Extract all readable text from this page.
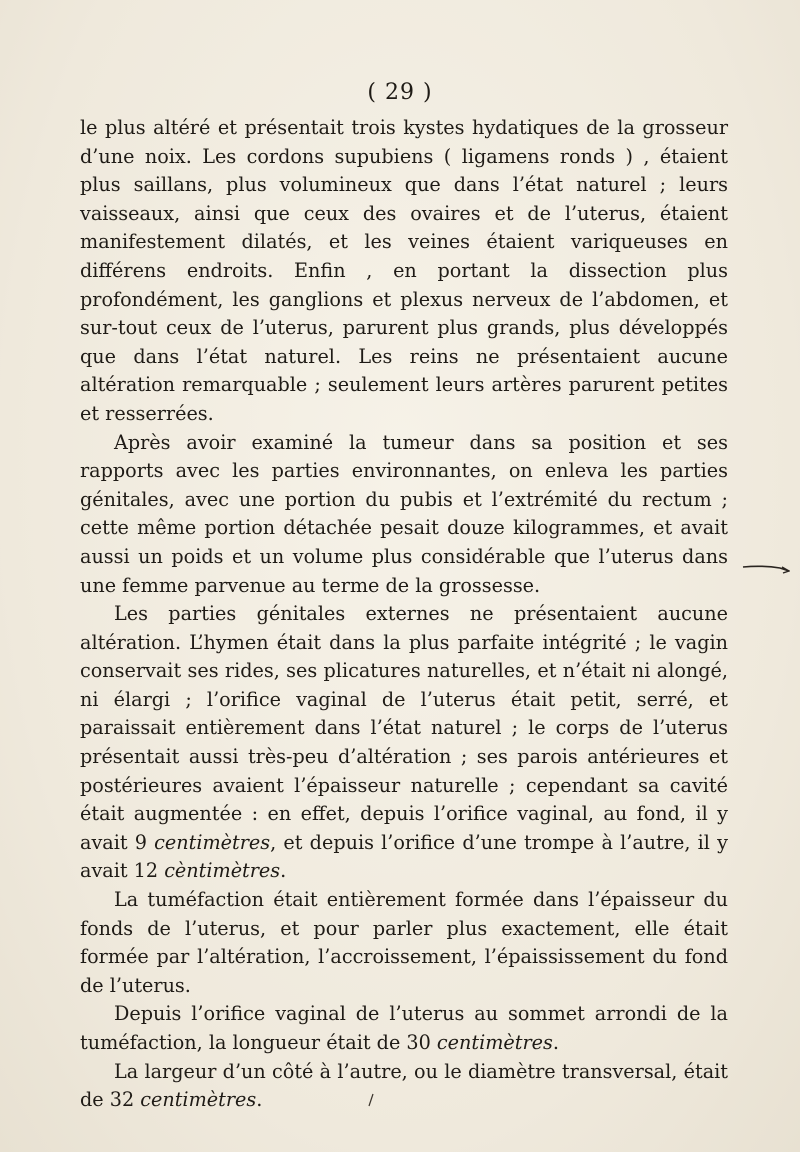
( 29 )

le plus altéré et présentait trois kystes hydatiques de la grosseur d’une noix. Les cordons supubiens ( ligamens ronds ) , étaient plus saillans, plus volumineux que dans l’état naturel ; leurs vaisseaux, ainsi que ceux des ovaires et de l’uterus, étaient manifestement dilatés, et les veines étaient variqueuses en différens endroits. Enfin , en portant la dissection plus profondément, les ganglions et plexus nerveux de l’abdomen, et sur-tout ceux de l’uterus, parurent plus grands, plus développés que dans l’état naturel. Les reins ne présentaient aucune altération remarquable ; seulement leurs artères parurent petites et resserrées.

Après avoir examiné la tumeur dans sa position et ses rapports avec les parties environnantes, on enleva les parties génitales, avec une portion du pubis et l’extrémité du rectum ; cette même portion détachée pesait douze kilogrammes, et avait aussi un poids et un volume plus considérable que l’uterus dans une femme parvenue au terme de la grossesse.

Les parties génitales externes ne présentaient aucune altération. L’hymen était dans la plus parfaite intégrité ; le vagin conservait ses rides, ses plicatures naturelles, et n’était ni alongé, ni élargi ; l’orifice vaginal de l’uterus était petit, serré, et paraissait entièrement dans l’état naturel ; le corps de l’uterus présentait aussi très-peu d’altération ; ses parois antérieures et postérieures avaient l’épaisseur naturelle ; cependant sa cavité était augmentée : en effet, depuis l’orifice vaginal, au fond, il y avait 9 centimètres, et depuis l’orifice d’une trompe à l’autre, il y avait 12 cèntimètres.

La tuméfaction était entièrement formée dans l’épaisseur du fonds de l’uterus, et pour parler plus exactement, elle était formée par l’altération, l’accroissement, l’épaississement du fond de l’uterus.

Depuis l’orifice vaginal de l’uterus au sommet arrondi de la tuméfaction, la longueur était de 30 centimètres.

La largeur d’un côté à l’autre, ou le diamètre transversal, était de 32 centimètres.
